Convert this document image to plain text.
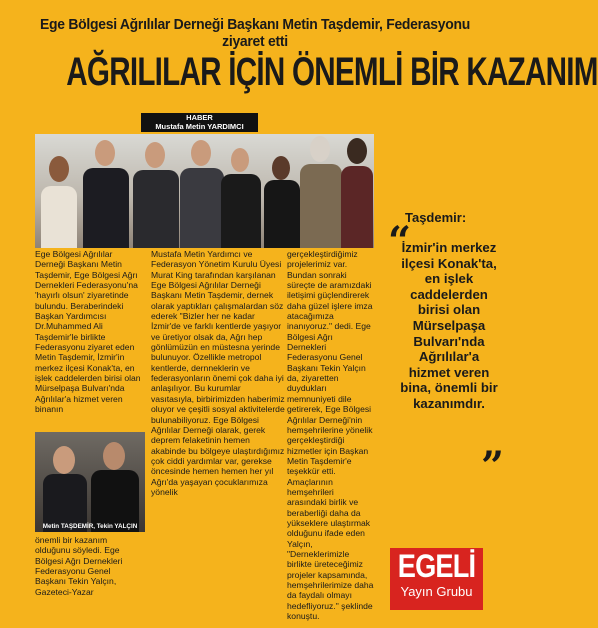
Ege Bölgesi Ağrılılar Derneği Başkanı Metin Taşdemir, Federasyonu ziyaret etti
AĞRILILAR İÇİN ÖNEMLİ BİR KAZANIM
HABER
Mustafa Metin YARDIMCI

Ege Bölgesi Ağrılılar Derneği Başkanı Metin Taşdemir, Ege Bölgesi Ağrı Dernekleri Federasyonu'na 'hayırlı olsun' ziyaretinde bulundu. Beraberindeki Başkan Yardımcısı Dr.Muhammed Ali Taşdemir'le birlikte Federasyonu ziyaret eden Metin Taşdemir, İzmir'in merkez ilçesi Konak'ta, en işlek caddelerden birisi olan Mürselpaşa Bulvarı'nda Ağrılılar'a hizmet veren binanın

Metin TAŞDEMİR, Tekin YALÇIN
önemli bir kazanım olduğunu söyledi. Ege Bölgesi Ağrı Dernekleri Federasyonu Genel Başkanı Tekin Yalçın, Gazeteci-Yazar

Mustafa Metin Yardımcı ve Federasyon Yönetim Kurulu Üyesi Murat King tarafından karşılanan Ege Bölgesi Ağrılılar Derneği Başkanı Metin Taşdemir, dernek olarak yaptıkları çalışmalardan söz ederek "Bizler her ne kadar İzmir'de ve farklı kentlerde yaşıyor ve üretiyor olsak da, Ağrı hep gönlümüzün en müstesna yerinde bulunuyor. Özellikle metropol kentlerde, dernneklerin ve federasyonların önemi çok daha iyi anlaşılıyor. Bu kurumlar vasıtasıyla, birbirimizden haberimiz oluyor ve çeşitli sosyal aktivitelerde bulunabiliyoruz. Ege Bölgesi Ağrılılar Derneği olarak, gerek deprem felaketinin hemen akabinde bu bölgeye ulaştırdığımız çok ciddi yardımlar var, gerekse öncesinde hemen hemen her yıl Ağrı'da yaşayan çocuklarımıza yönelik

gerçekleştirdiğimiz projelerimiz var. Bundan sonraki süreçte de aramızdaki iletişimi güçlendirerek daha güzel işlere imza atacağımıza inanıyoruz." dedi. Ege Bölgesi Ağrı Dernekleri Federasyonu Genel Başkanı Tekin Yalçın da, ziyaretten duydukları memnuniyeti dile getirerek, Ege Bölgesi Ağrılılar Derneği'nin hemşehrilerine yönelik gerçekleştirdiği hizmetler için Başkan Metin Taşdemir'e teşekkür etti. Amaçlarının hemşehrileri arasındaki birlik ve beraberliği daha da yükseklere ulaştırmak olduğunu ifade eden Yalçın, "Derneklerimizle birlikte üreteceğimiz projeler kapsamında, hemşehrilerimize daha da faydalı olmayı hedefliyoruz." şeklinde konuştu.

Taşdemir:
“
İzmir'in merkez ilçesi Konak'ta, en işlek caddelerden birisi olan Mürselpaşa Bulvarı'nda Ağrılılar'a hizmet veren bina, önemli bir kazanımdır.
”
EGELİ
Yayın Grubu
